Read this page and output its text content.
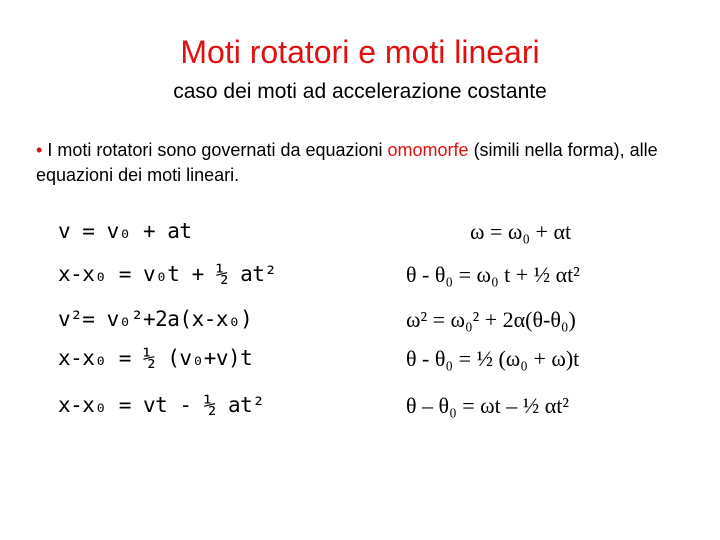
Moti rotatori e moti lineari
caso dei moti ad accelerazione costante
• I moti rotatori sono governati da equazioni omomorfe (simili nella forma), alle equazioni dei moti lineari.
v = v₀ + at
x-x₀ = v₀t + ½ at²
v²= v₀²+2a(x-x₀)
x-x₀ = ½ (v₀+v)t
x-x₀ = vt - ½ at²
ω = ω₀ + αt
θ - θ₀ = ω₀ t + ½ αt²
ω² = ω₀² + 2α(θ-θ₀)
θ - θ₀ = ½ (ω₀ + ω)t
θ – θ₀ = ωt – ½ αt²
